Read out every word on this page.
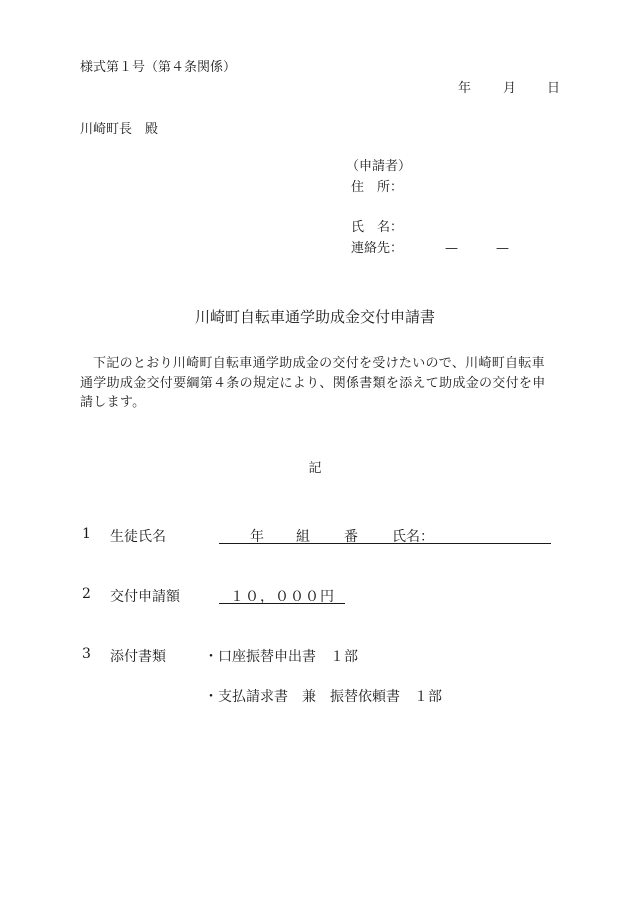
様式第１号（第４条関係）
年 月 日
川崎町長　殿
（申請者）
住　所：
氏　名：
連絡先：	—	—
川崎町自転車通学助成金交付申請書
下記のとおり川崎町自転車通学助成金の交付を受けたいので、川崎町自転車通学助成金交付要綱第４条の規定により、関係書類を添えて助成金の交付を申請します。
記
1 生徒氏名	年 組 番 氏名：
2 交付申請額	１０，０００円
3 添付書類	・口座振替申出書　１部
・支払請求書　兼　振替依頼書　１部
